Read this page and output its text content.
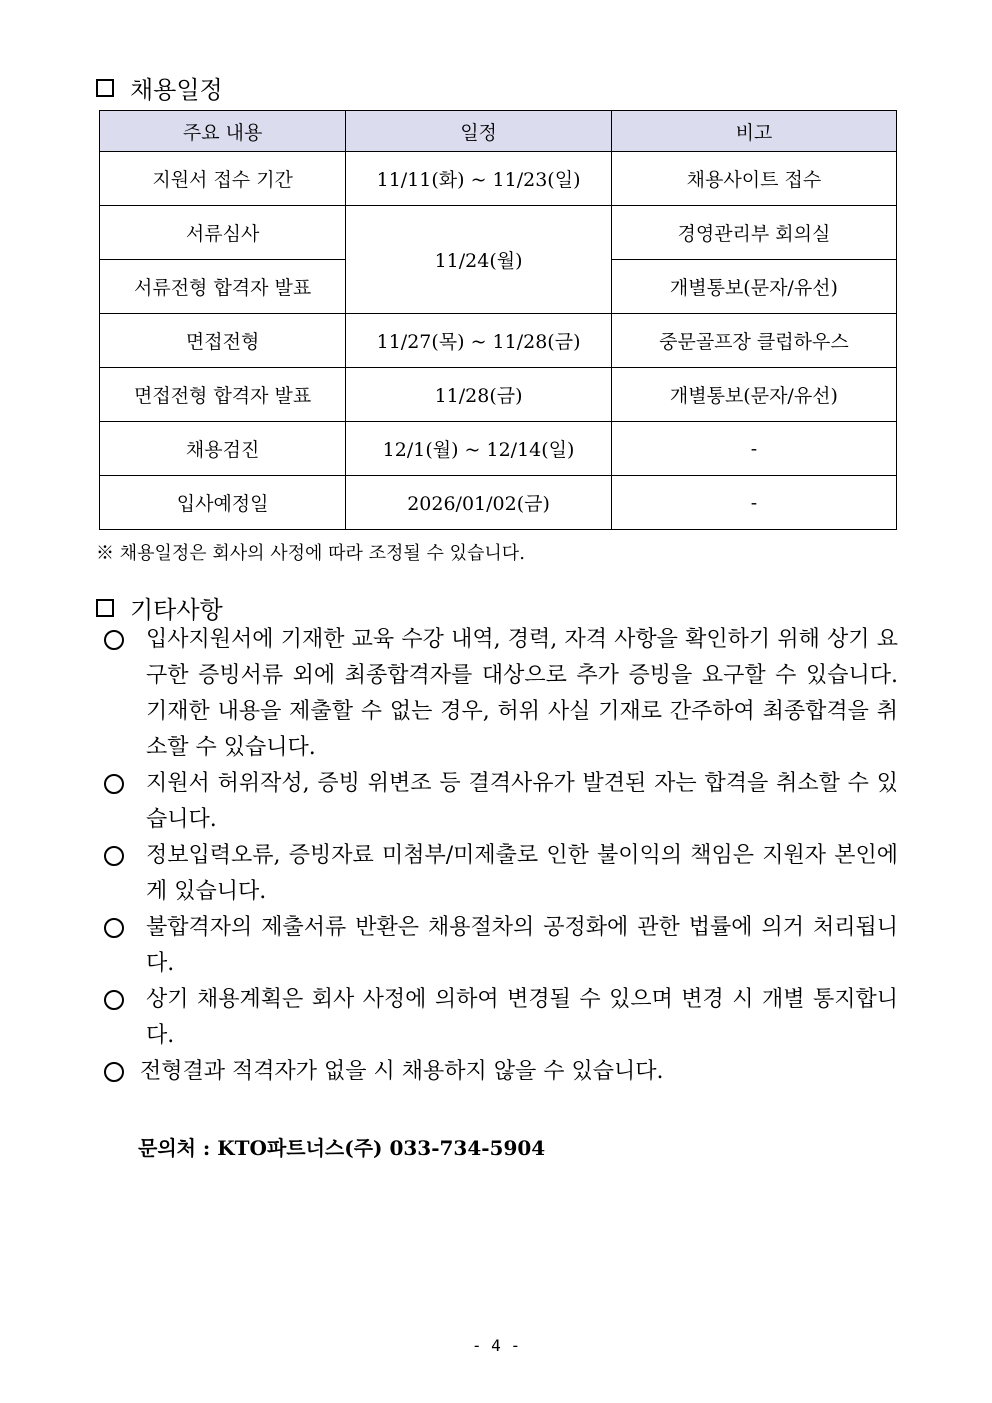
채용일정
주요 내용	일정	비고
지원서 접수 기간	11/11(화) ~ 11/23(일)	채용사이트 접수
서류심사	11/24(월)	경영관리부 회의실
서류전형 합격자 발표		개별통보(문자/유선)
면접전형	11/27(목) ~ 11/28(금)	중문골프장 클럽하우스
면접전형 합격자 발표	11/28(금)	개별통보(문자/유선)
채용검진	12/1(월) ~ 12/14(일)	-
입사예정일	2026/01/02(금)	-
※ 채용일정은 회사의 사정에 따라 조정될 수 있습니다.
기타사항
입사지원서에 기재한 교육 수강 내역, 경력, 자격 사항을 확인하기 위해 상기 요구한 증빙서류 외에 최종합격자를 대상으로 추가 증빙을 요구할 수 있습니다. 기재한 내용을 제출할 수 없는 경우, 허위 사실 기재로 간주하여 최종합격을 취소할 수 있습니다.
지원서 허위작성, 증빙 위변조 등 결격사유가 발견된 자는 합격을 취소할 수 있습니다.
정보입력오류, 증빙자료 미첨부/미제출로 인한 불이익의 책임은 지원자 본인에게 있습니다.
불합격자의 제출서류 반환은 채용절차의 공정화에 관한 법률에 의거 처리됩니다.
상기 채용계획은 회사 사정에 의하여 변경될 수 있으며 변경 시 개별 통지합니다.
전형결과 적격자가 없을 시 채용하지 않을 수 있습니다.
문의처 : KTO파트너스(주) 033-734-5904
- 4 -
